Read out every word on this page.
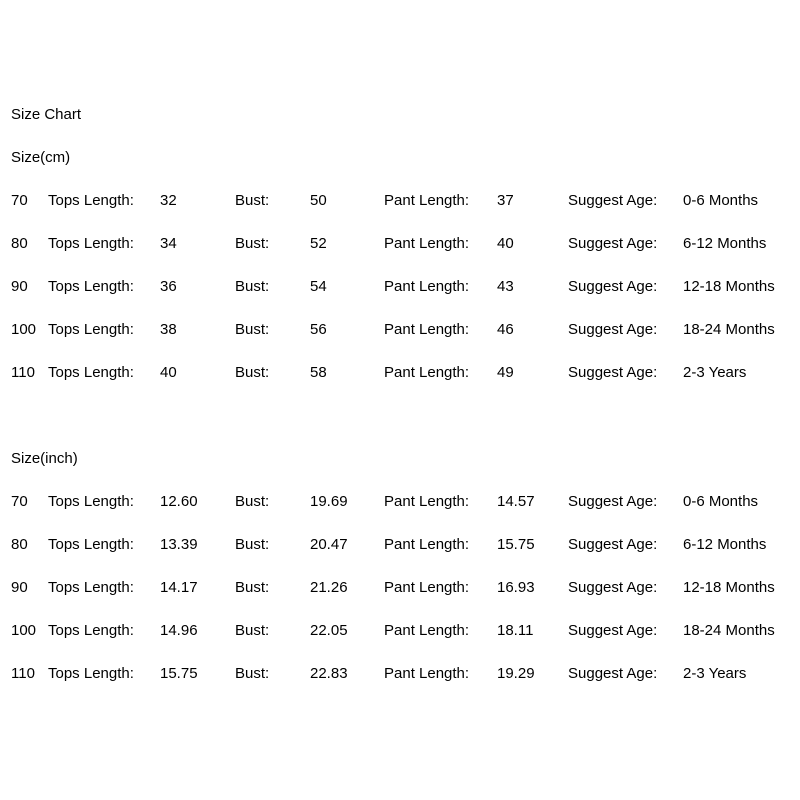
Size Chart
Size(cm)
70	Tops Length:	32	Bust:	50	Pant Length:	37	Suggest Age:	0-6 Months
80	Tops Length:	34	Bust:	52	Pant Length:	40	Suggest Age:	6-12 Months
90	Tops Length:	36	Bust:	54	Pant Length:	43	Suggest Age:	12-18 Months
100 Tops Length:	38	Bust:	56	Pant Length:	46	Suggest Age:	18-24 Months
110 Tops Length:	40	Bust:	58	Pant Length:	49	Suggest Age:	2-3 Years
Size(inch)
70	Tops Length:	12.60	Bust:	19.69	Pant Length:	14.57	Suggest Age:	0-6 Months
80	Tops Length:	13.39	Bust:	20.47	Pant Length:	15.75	Suggest Age:	6-12 Months
90	Tops Length:	14.17	Bust:	21.26	Pant Length:	16.93	Suggest Age:	12-18 Months
100 Tops Length:	14.96	Bust:	22.05	Pant Length:	18.11	Suggest Age:	18-24 Months
110 Tops Length:	15.75	Bust:	22.83	Pant Length:	19.29	Suggest Age:	2-3 Years
